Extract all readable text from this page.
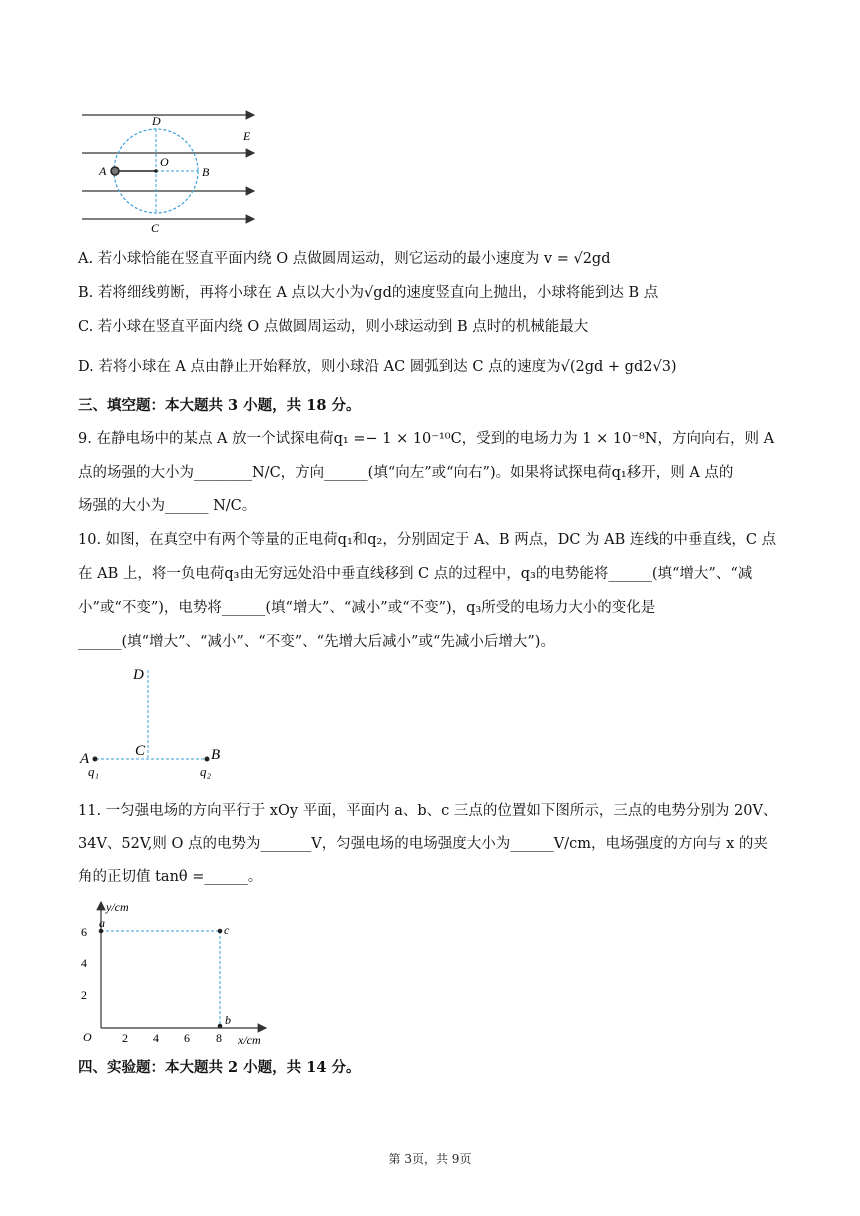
D
E
A
O
B
C
A. 若小球恰能在竖直平面内绕 O 点做圆周运动，则它运动的最小速度为 v = √2gd
B. 若将细线剪断，再将小球在 A 点以大小为√gd的速度竖直向上抛出，小球将能到达 B 点
C. 若小球在竖直平面内绕 O 点做圆周运动，则小球运动到 B 点时的机械能最大
D. 若将小球在 A 点由静止开始释放，则小球沿 AC 圆弧到达 C 点的速度为√(2gd + gd2√3)
三、填空题：本大题共 3 小题，共 18 分。
9. 在静电场中的某点 A 放一个试探电荷q₁ =− 1 × 10⁻¹⁰C，受到的电场力为 1 × 10⁻⁸N，方向向右，则 A
点的场强的大小为________N/C，方向______(填“向左”或“向右”)。如果将试探电荷q₁移开，则 A 点的
场强的大小为______ N/C。
10. 如图，在真空中有两个等量的正电荷q₁和q₂，分别固定于 A、B 两点，DC 为 AB 连线的中垂直线，C 点
在 AB 上，将一负电荷q₃由无穷远处沿中垂直线移到 C 点的过程中，q₃的电势能将______(填“增大”、“减
小”或“不变”)，电势将______(填“增大”、“减小”或“不变”)，q₃所受的电场力大小的变化是
______(填“增大”、“减小”、“不变”、“先增大后减小”或“先减小后增大”)。
D
A	C	B
q₁	q₂
11. 一匀强电场的方向平行于 xOy 平面，平面内 a、b、c 三点的位置如下图所示，三点的电势分别为 20V、
34V、52V,则 O 点的电势为_______V，匀强电场的电场强度大小为______V/cm，电场强度的方向与 x 的夹
角的正切值 tanθ =______。
y/cm
x/cm
O	2 4 6 8
2
4
6
a	c
b
四、实验题：本大题共 2 小题，共 14 分。
第 3页，共 9页
